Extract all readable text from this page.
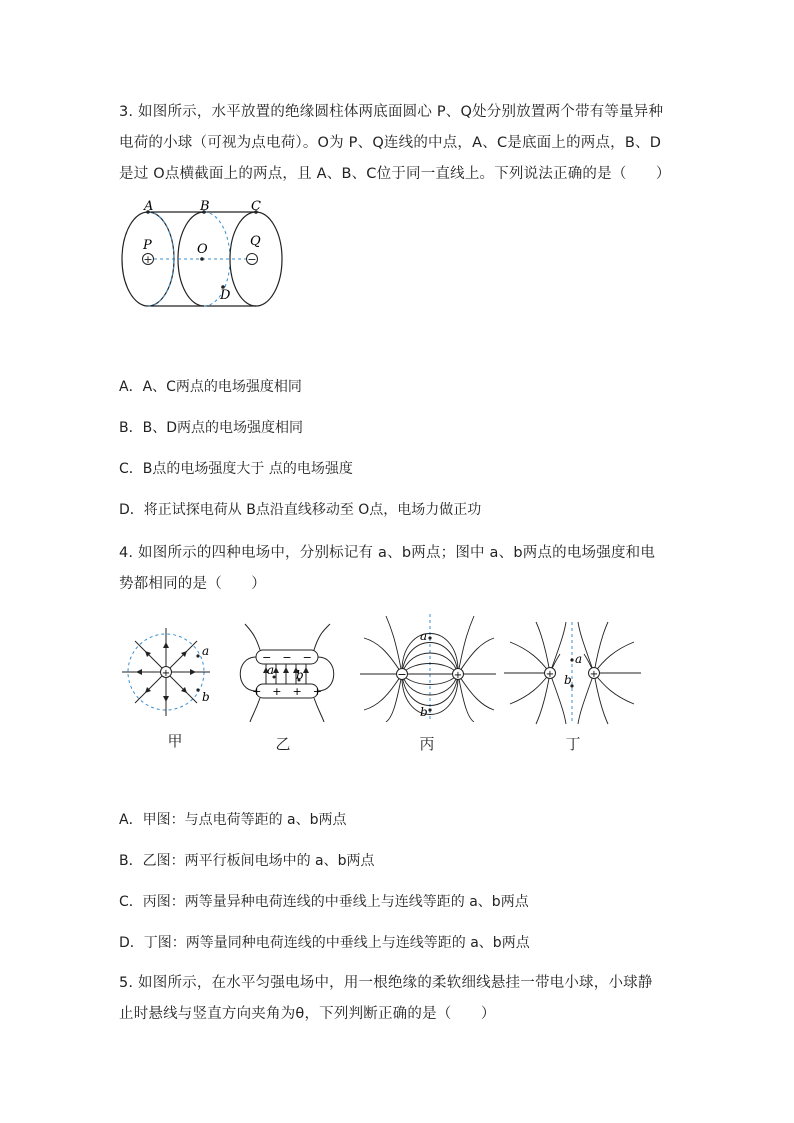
3. 如图所示，水平放置的绝缘圆柱体两底面圆心 P、Q处分别放置两个带有等量异种
电荷的小球（可视为点电荷）。O为 P、Q连线的中点，A、C是底面上的两点，B、D
是过 O点横截面上的两点，且 A、B、C位于同一直线上。下列说法正确的是（　　）
+	−
A	B	C
P	O
Q
D
A．A、C两点的电场强度相同
B．B、D两点的电场强度相同
C．B点的电场强度大于 点的电场强度
D．将正试探电荷从 B点沿直线移动至 O点，电场力做正功
4. 如图所示的四种电场中，分别标记有 a、b两点；图中 a、b两点的电场强度和电
势都相同的是（　　）
+
a
b
甲
−　−　−
+　+　+　+
a b
乙
−	+
a
b
丙
+	+
a
b
丁
A．甲图：与点电荷等距的 a、b两点
B．乙图：两平行板间电场中的 a、b两点
C．丙图：两等量异种电荷连线的中垂线上与连线等距的 a、b两点
D．丁图：两等量同种电荷连线的中垂线上与连线等距的 a、b两点
5. 如图所示，在水平匀强电场中，用一根绝缘的柔软细线悬挂一带电小球，小球静
止时悬线与竖直方向夹角为θ，下列判断正确的是（　　）
